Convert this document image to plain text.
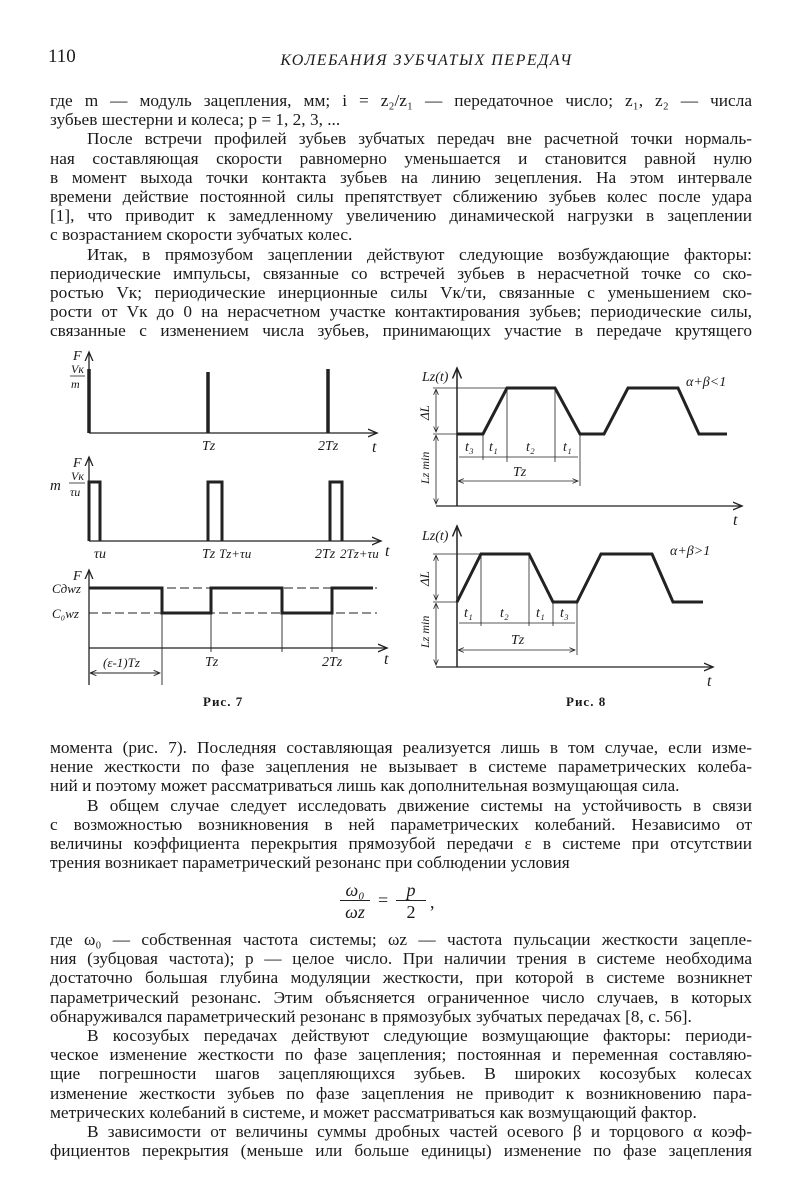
110	КОЛЕБАНИЯ ЗУБЧАТЫХ ПЕРЕДАЧ
где m — модуль зацепления, мм; i = z₂/z₁ — передаточное число; z₁, z₂ — числа
зубьев шестерни и колеса; p = 1, 2, 3, ...
После встречи профилей зубьев зубчатых передач вне расчетной точки нормаль-
ная составляющая скорости равномерно уменьшается и становится равной нулю
в момент выхода точки контакта зубьев на линию зецепления. На этом интервале
времени действие постоянной силы препятствует сближению зубьев колес после удара
[1], что приводит к замедленному увеличению динамической нагрузки в зацеплении
с возрастанием скорости зубчатых колес.
Итак, в прямозубом зацеплении действуют следующие возбуждающие факторы:
периодические импульсы, связанные со встречей зубьев в нерасчетной точке со ско-
ростью Vк; периодические инерционные силы Vк/τи, связанные с уменьшением ско-
рости от Vк до 0 на нерасчетном участке контактирования зубьев; периодические силы,
связанные с изменением числа зубьев, принимающих участие в передаче крутящего
момента (рис. 7). Последняя составляющая реализуется лишь в том случае, если изме-
нение жесткости по фазе зацепления не вызывает в системе параметрических колеба-
ний и поэтому может рассматриваться лишь как дополнительная возмущающая сила.
В общем случае следует исследовать движение системы на устойчивость в связи
с возможностью возникновения в ней параметрических колебаний. Независимо от
величины коэффициента перекрытия прямозубой передачи ε в системе при отсутствии
трения возникает параметрический резонанс при соблюдении условия
где ω₀ — собственная частота системы; ωz — частота пульсации жесткости зацепле-
ния (зубцовая частота); p — целое число. При наличии трения в системе необходима
достаточно большая глубина модуляции жесткости, при которой в системе возникнет
параметрический резонанс. Этим объясняется ограниченное число случаев, в которых
обнаруживался параметрический резонанс в прямозубых зубчатых передачах [8, с. 56].
В косозубых передачах действуют следующие возмущающие факторы: периоди-
ческое изменение жесткости по фазе зацепления; постоянная и переменная составляю-
щие погрешности шагов зацепляющихся зубьев. В широких косозубых колесах
изменение жесткости зубьев по фазе зацепления не приводит к возникновению пара-
метрических колебаний в системе, и может рассматриваться как возмущающий фактор.
В зависимости от величины суммы дробных частей осевого β и торцового α коэф-
фициентов перекрытия (меньше или больше единицы) изменение по фазе зацепления
$\frac{\text{ω₀}}{\omega z} = \frac{p}{2}$ ,
F
Vк
m
Tz	2Tz t
F
m
Vк
τи
τи	Tz Tz+τи	2Tz 2Tz+τи t
F
Cдwz
C₀wz
(ε-1)Tz	Tz	2Tz	t
Рис. 7
Lz(t)	α+β<1
ΔL
Lz min
t₃ t₁ t₂ t₁
Tz
t
Lz(t)
α+β>1
ΔL
Lz min
t₁ t₂ t₁ t₃
Tz
t
Рис. 8
